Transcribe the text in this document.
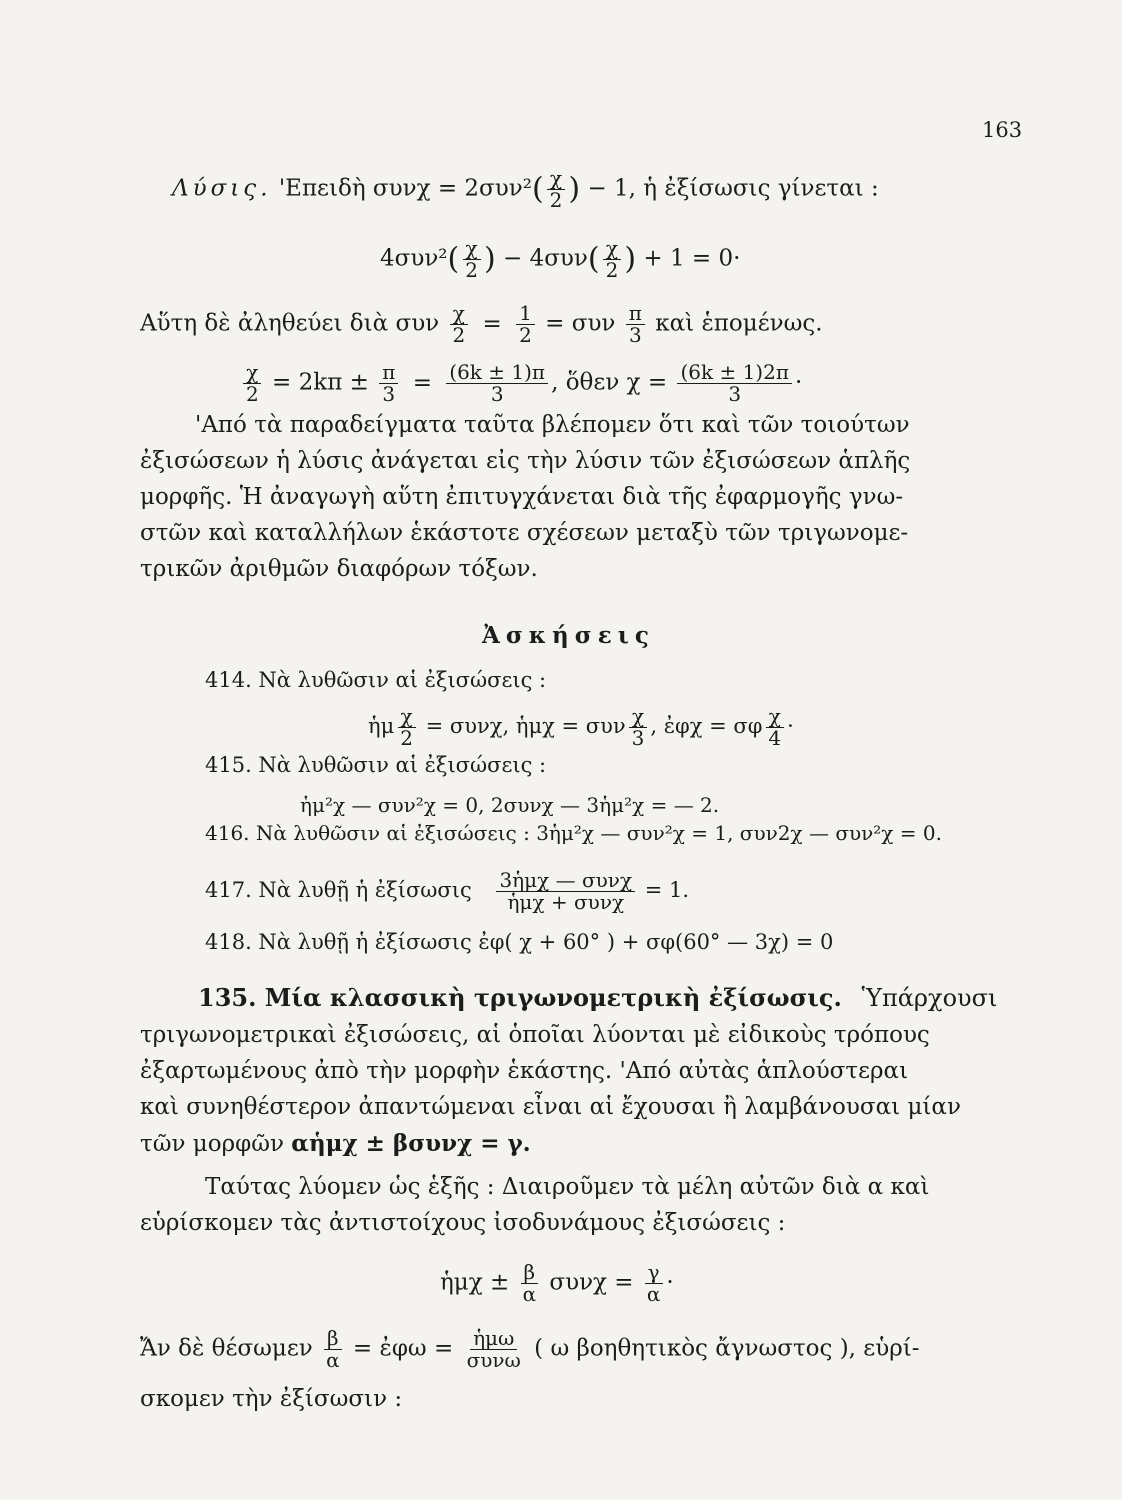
163
Λύσις. 'Επειδὴ $\sigma\upsilon\nu\chi = 2\sigma\upsilon\nu^2( \frac{\chi}{2}$ ) − 1, ἡ ἐξίσωσις γίνεται :
$4\sigma\upsilon\nu^2( \frac{\chi}{2}$ ) − $4\sigma\upsilon\nu( \frac{\chi}{2}$ ) + 1 = 0·
Αὕτη δὲ ἀληθεύει διὰ συν $\frac{\chi}{2} = \frac{1}{2} = \sigma\upsilon\nu \frac{\pi}{3}$ καὶ ἑπομένως.
$\frac{\chi}{2} = 2k\pi \pm \frac{\pi}{3} = \frac{(6k \pm 1)\pi}{3}$ , ὅθεν $\chi = \frac{(6k \pm 1)2\pi}{3}$ ·
'Από τὰ παραδείγματα ταῦτα βλέπομεν ὅτι καὶ τῶν τοιούτων
ἐξισώσεων ἡ λύσις ἀνάγεται εἰς τὴν λύσιν τῶν ἐξισώσεων ἁπλῆς
μορφῆς. Ἡ ἀναγωγὴ αὕτη ἐπιτυγχάνεται διὰ τῆς ἐφαρμογῆς γνω-
στῶν καὶ καταλλήλων ἑκάστοτε σχέσεων μεταξὺ τῶν τριγωνομε-
τρικῶν ἀριθμῶν διαφόρων τόξων.
Ἀσκήσεις
414. Νὰ λυθῶσιν αἱ ἐξισώσεις :
ἡμ $\frac{\chi}{2} = \sigma\upsilon\nu\chi$, ἡμχ = συν $\frac{\chi}{3}$ , ἐφχ = σφ $\frac{\chi}{4}$ ·
415. Νὰ λυθῶσιν αἱ ἐξισώσεις :
ἡμ²χ — συν²χ = 0, 2συνχ — 3ἡμ²χ = — 2.
416. Νὰ λυθῶσιν αἱ ἐξισώσεις : 3ἡμ²χ — συν²χ = 1, συν2χ — συν²χ = 0.
417. Νὰ λυθῇ ἡ ἐξίσωσις $\frac{\text{3ἡμχ — συνχ}}{\text{ἡμχ + συνχ}} = 1$.
418. Νὰ λυθῇ ἡ ἐξίσωσις ἐφ( χ + 60° ) + σφ(60° — 3χ) = 0
135. Μία κλασσικὴ τριγωνομετρικὴ ἐξίσωσις. Ὑπάρχουσι
τριγωνομετρικαὶ ἐξισώσεις, αἱ ὁποῖαι λύονται μὲ εἰδικοὺς τρόπους
ἐξαρτωμένους ἀπὸ τὴν μορφὴν ἑκάστης. 'Από αὐτὰς ἁπλούστεραι
καὶ συνηθέστερον ἀπαντώμεναι εἶναι αἱ ἔχουσαι ἢ λαμβάνουσαι μίαν
τῶν μορφῶν αἡμχ ± βσυνχ = γ.
Ταύτας λύομεν ὡς ἑξῆς : Διαιροῦμεν τὰ μέλη αὐτῶν διὰ α καὶ
εὑρίσκομεν τὰς ἀντιστοίχους ἰσοδυνάμους ἐξισώσεις :
ἡμχ ± $\frac{\beta}{\alpha}$ $\sigma\upsilon\nu\chi = \frac{\gamma}{\alpha}$ ·
Ἄν δὲ θέσωμεν $\frac{\beta}{\alpha}$ = ἐφω = $\frac{\text{ἡμω}}{\text{συνω}}$ ( ω βοηθητικὸς ἄγνωστος ), εὑρί-
σκομεν τὴν ἐξίσωσιν :
